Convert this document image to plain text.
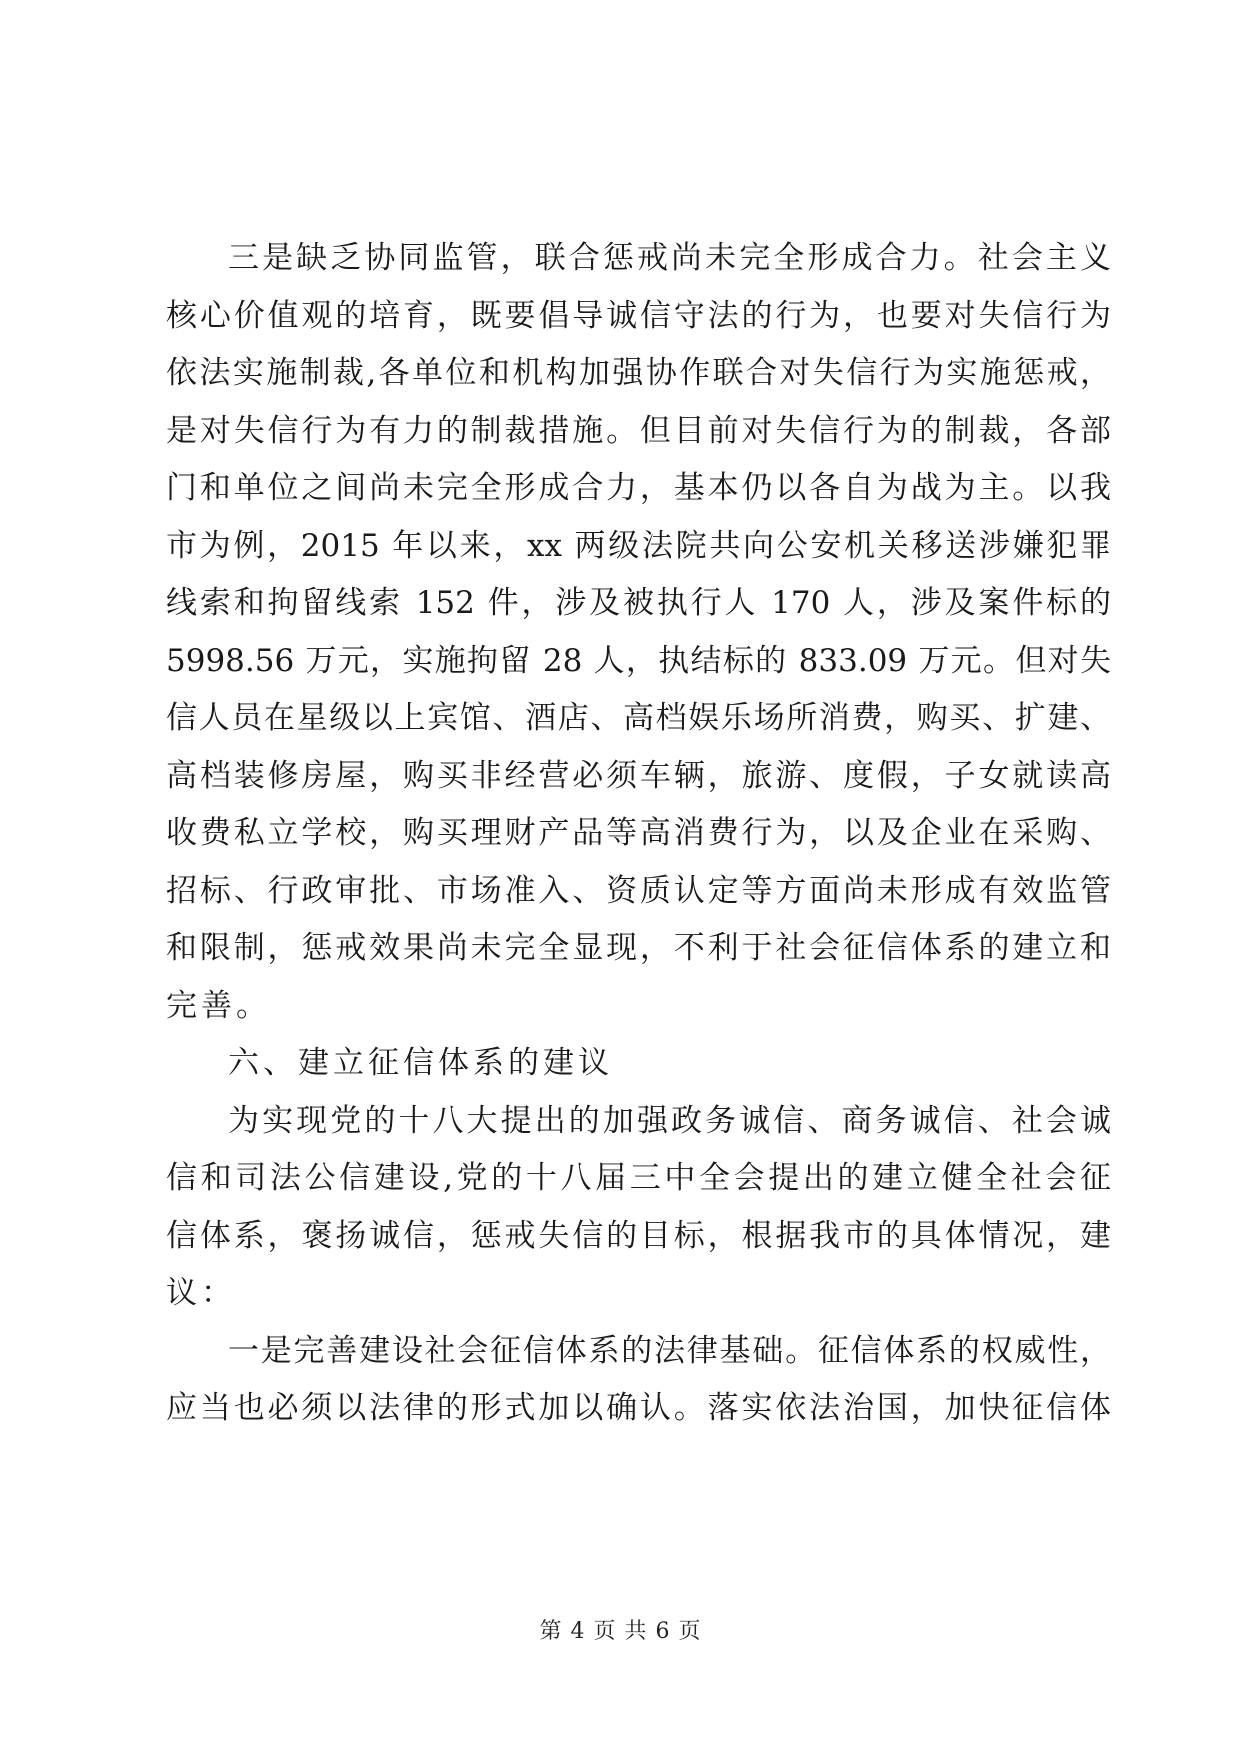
三是缺乏协同监管，联合惩戒尚未完全形成合力。社会主义
核心价值观的培育，既要倡导诚信守法的行为，也要对失信行为
依法实施制裁,各单位和机构加强协作联合对失信行为实施惩戒，
是对失信行为有力的制裁措施。但目前对失信行为的制裁，各部
门和单位之间尚未完全形成合力，基本仍以各自为战为主。以我
市为例，2015 年以来，xx 两级法院共向公安机关移送涉嫌犯罪
线索和拘留线索 152 件，涉及被执行人 170 人，涉及案件标的
5998.56 万元，实施拘留 28 人，执结标的 833.09 万元。但对失
信人员在星级以上宾馆、酒店、高档娱乐场所消费，购买、扩建、
高档装修房屋，购买非经营必须车辆，旅游、度假，子女就读高
收费私立学校，购买理财产品等高消费行为，以及企业在采购、
招标、行政审批、市场准入、资质认定等方面尚未形成有效监管
和限制，惩戒效果尚未完全显现，不利于社会征信体系的建立和
完善。
六、建立征信体系的建议
为实现党的十八大提出的加强政务诚信、商务诚信、社会诚
信和司法公信建设,党的十八届三中全会提出的建立健全社会征
信体系，褒扬诚信，惩戒失信的目标，根据我市的具体情况，建
议：
一是完善建设社会征信体系的法律基础。征信体系的权威性，
应当也必须以法律的形式加以确认。落实依法治国，加快征信体
第 4 页 共 6 页
